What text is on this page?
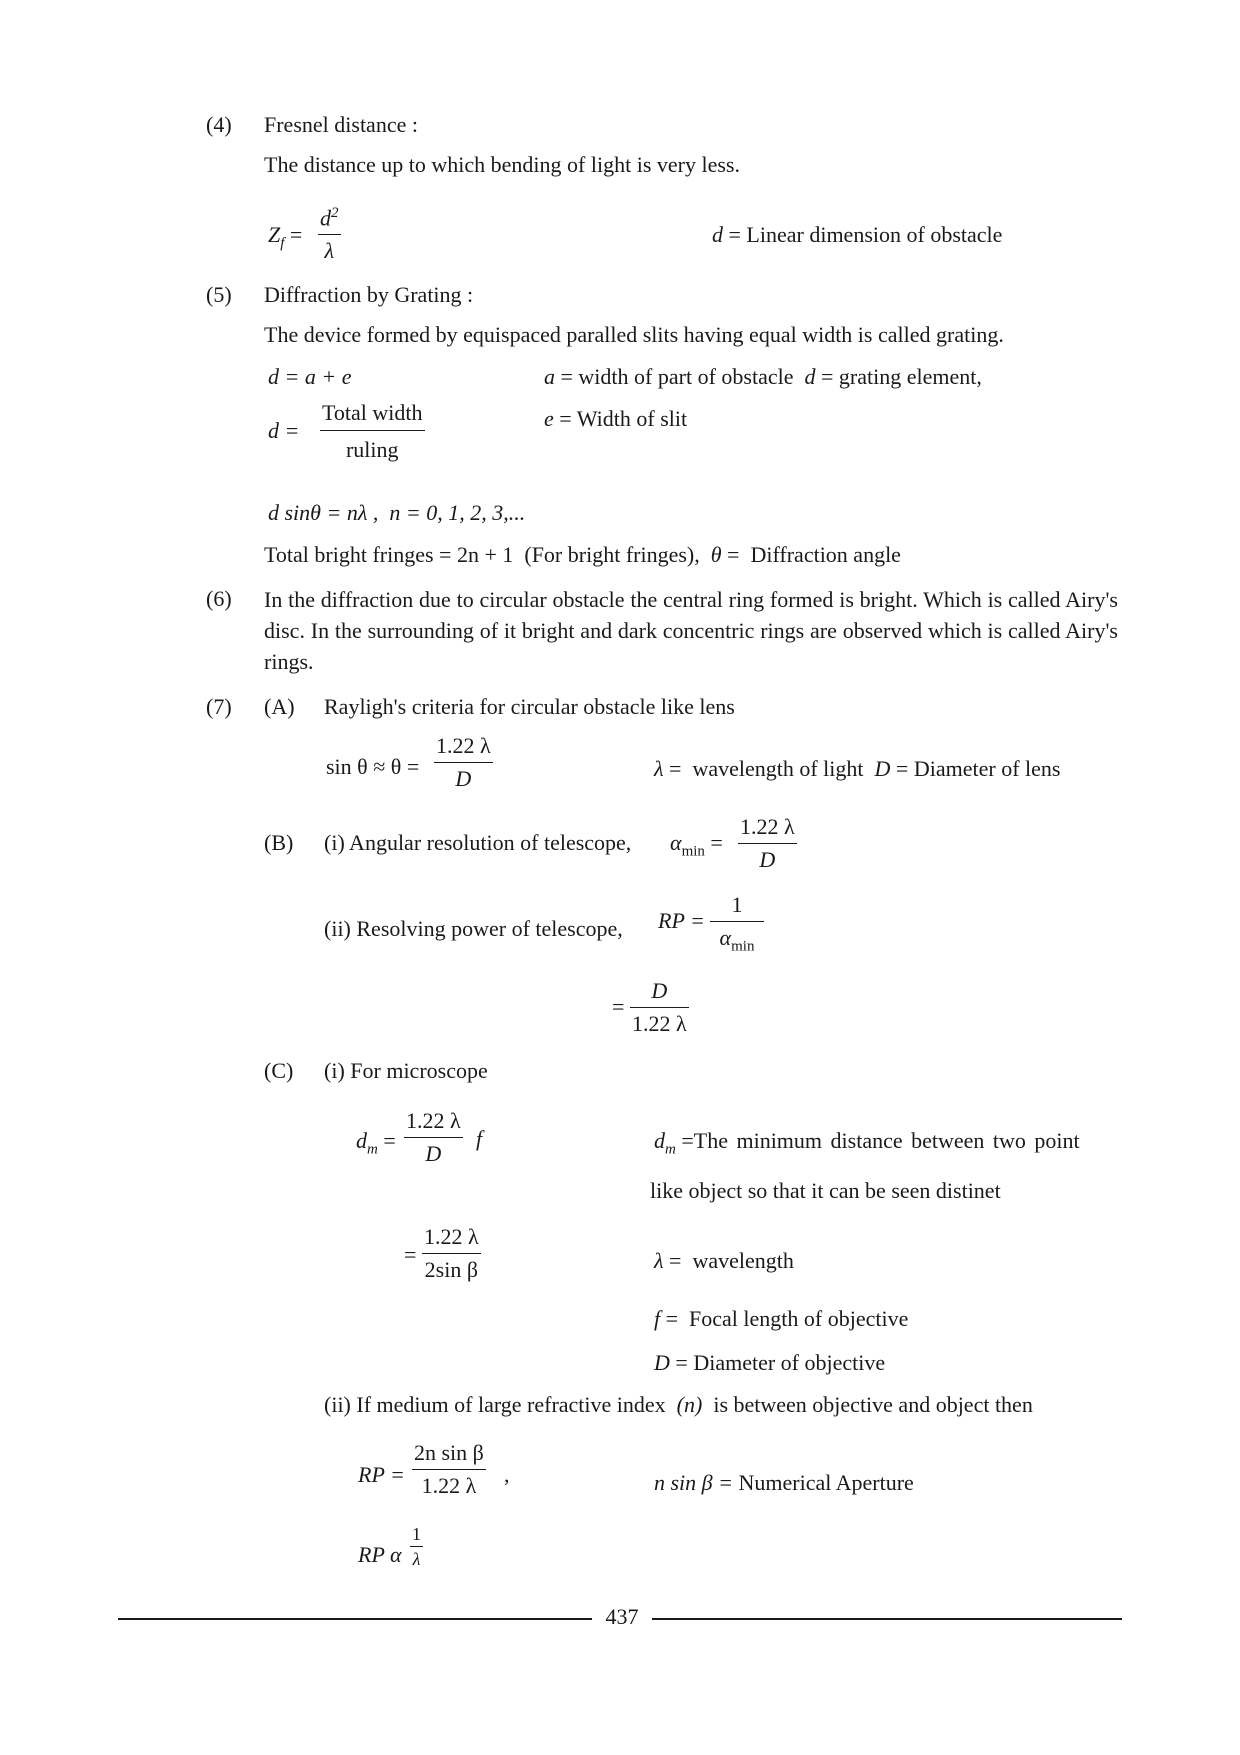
(4) Fresnel distance :
The distance up to which bending of light is very less.
$Z_f$ =
$d^2$
λ
d = Linear dimension of obstacle
(5) Diffraction by Grating :
The device formed by equispaced paralled slits having equal width is called grating.
d = a + e	a = width of part of obstacle d = grating element,
d =
Total width
ruling
e = Width of slit
d sinθ = nλ , n = 0, 1, 2, 3,...
Total bright fringes = 2n + 1 (For bright fringes), θ =  Diffraction angle
(6) In the diffraction due to circular obstacle the central ring formed is bright. Which is called Airy's disc. In the surrounding of it bright and dark concentric rings are observed which is called Airy's rings.
(7) (A) Rayligh's criteria for circular obstacle like lens
sin θ ≈ θ =
1.22 λ
D	λ =  wavelength of light D = Diameter of lens
(B) (i) Angular resolution of telescope, $\alpha_{min}$ =
1.22 λ
D
(ii) Resolving power of telescope, RP =
1
$\alpha_{min}$
=
D
1.22 λ
(C) (i) For microscope
$d_m$ =
1.22 λ
D
f	$d_m =The$ minimum distance between two point
like object so that it can be seen distinet
=
1.22 λ
2sin β	λ =  wavelength
f =  Focal length of objective
D = Diameter of objective
(ii) If medium of large refractive index (n) is between objective and object then
RP =
2n sin β
1.22 λ ,	n sin β = Numerical Aperture
RP α
1
λ
437
